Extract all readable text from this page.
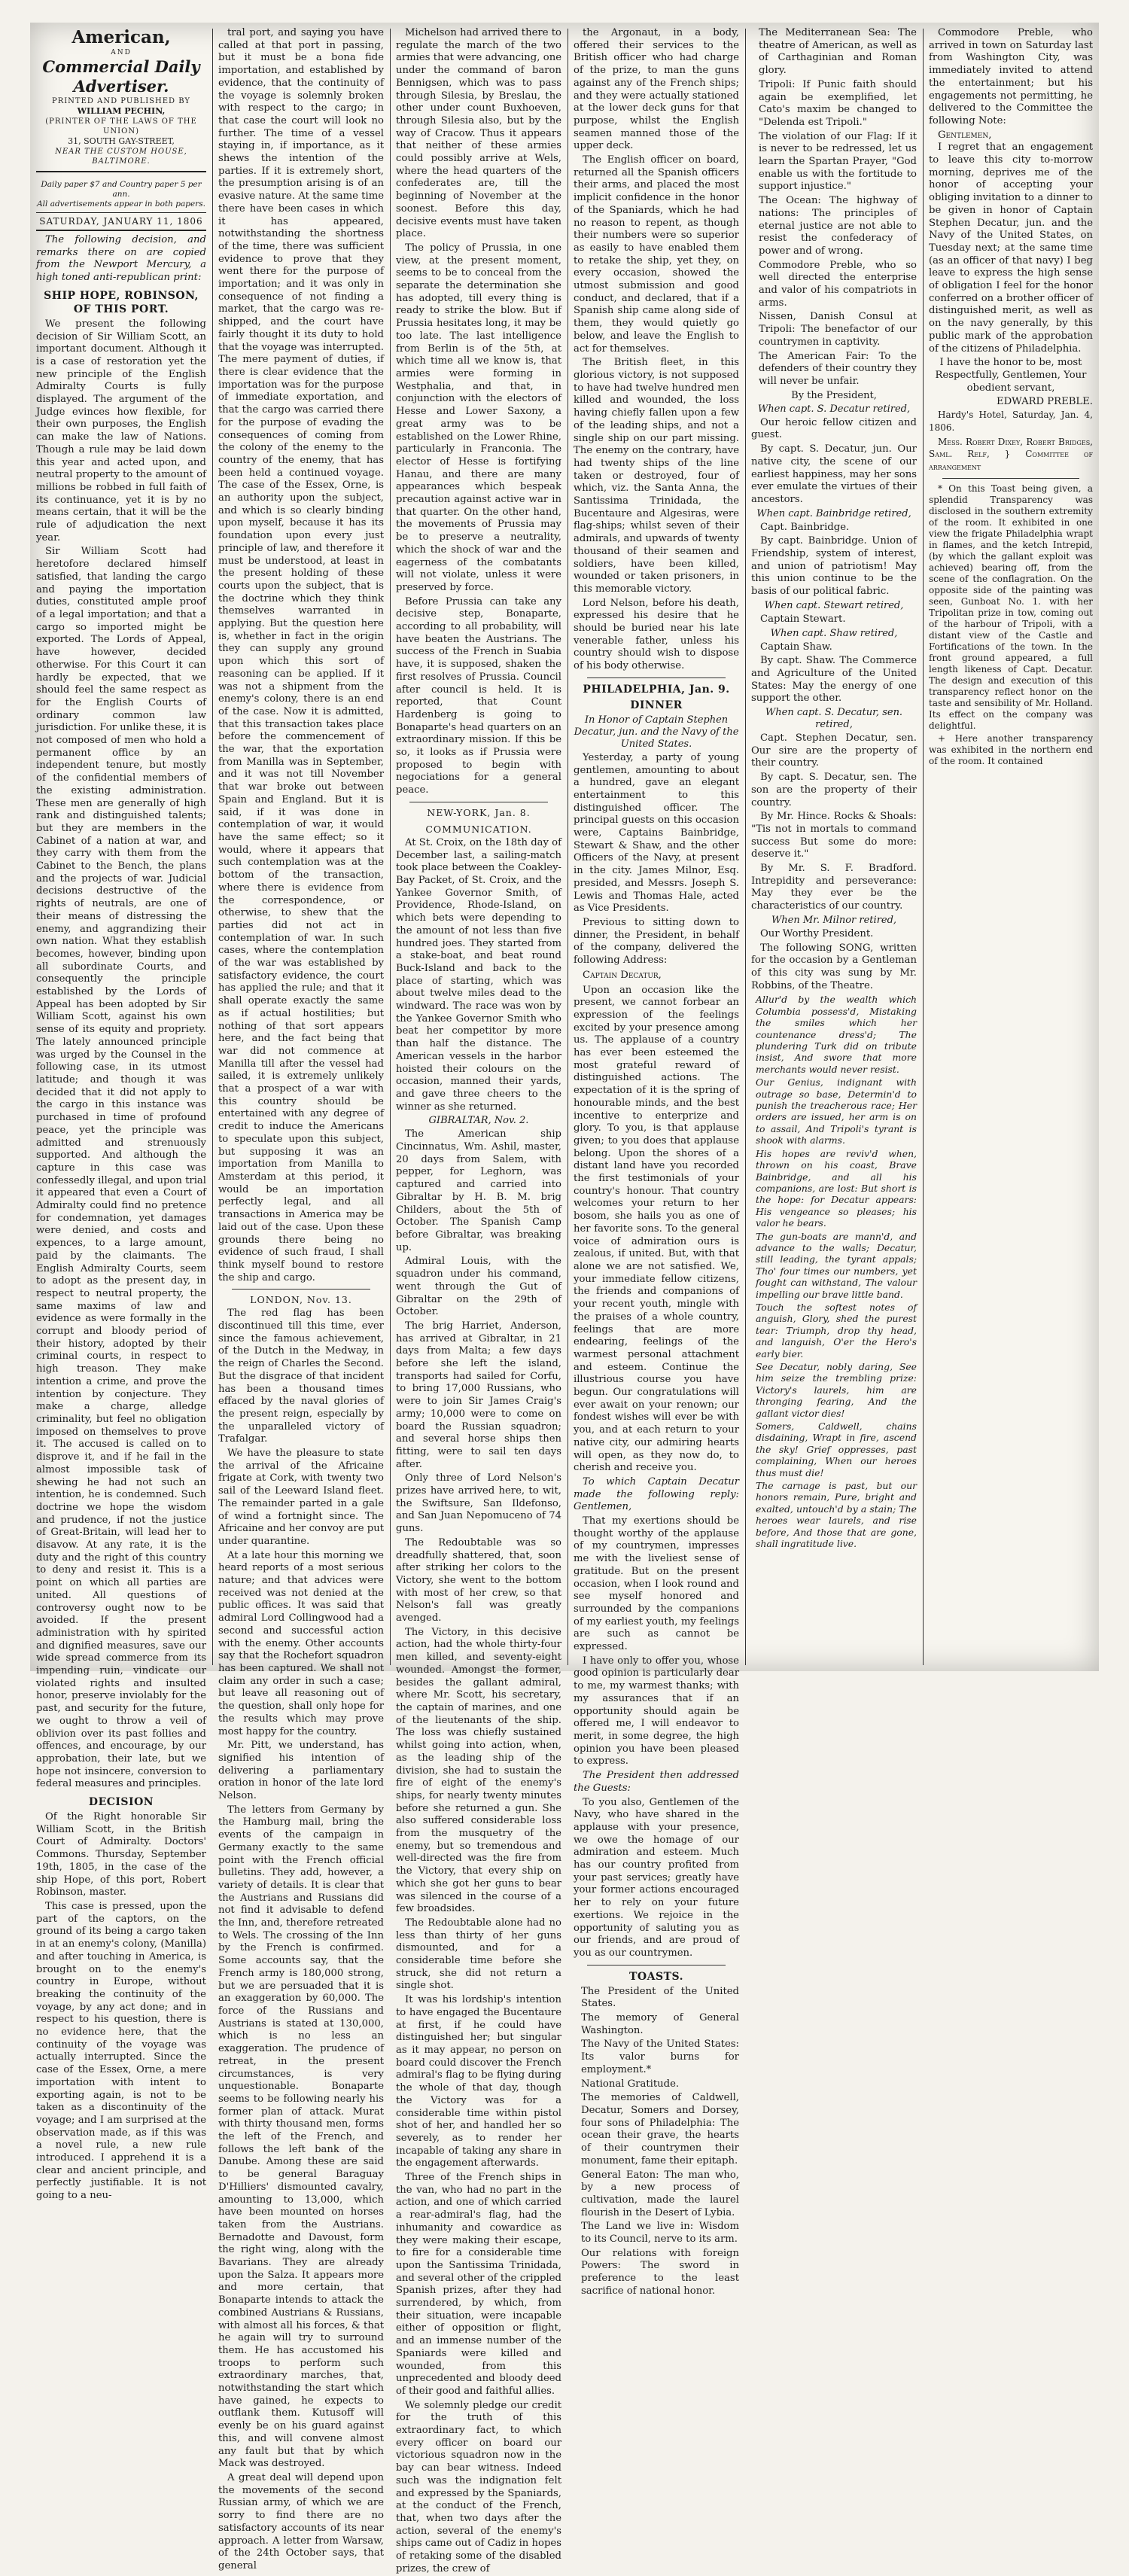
American,
AND
Commercial Daily Advertiser.
PRINTED AND PUBLISHED BY
WILLIAM PECHIN,
(PRINTER OF THE LAWS OF THE UNION)
31, SOUTH GAY-STREET,
NEAR THE CUSTOM HOUSE, BALTIMORE.
Daily paper $7 and Country paper 5 per ann.
All advertisements appear in both papers.
SATURDAY, JANUARY 11, 1806

The following decision, and remarks there on are copied from the Newport Mercury, a high toned anti-republican print:

SHIP HOPE, ROBINSON, OF THIS PORT.

We present the following decision of Sir William Scott, an important document. Although it is a case of restoration yet the new principle of the English Admiralty Courts is fully displayed. The argument of the Judge evinces how flexible, for their own purposes, the English can make the law of Nations. Though a rule may be laid down this year and acted upon, and neutral property to the amount of millions be robbed in full faith of its continuance, yet it is by no means certain, that it will be the rule of adjudication the next year.

Sir William Scott had heretofore declared himself satisfied, that landing the cargo and paying the importation duties, constituted ample proof of a legal importation; and that a cargo so imported might be exported. The Lords of Appeal, have however, decided otherwise. For this Court it can hardly be expected, that we should feel the same respect as for the English Courts of ordinary common law jurisdiction. For unlike these, it is not composed of men who hold a permanent office by an independent tenure, but mostly of the confidential members of the existing administration. These men are generally of high rank and distinguished talents; but they are members in the Cabinet of a nation at war, and they carry with them from the Cabinet to the Bench, the plans and the projects of war. Judicial decisions destructive of the rights of neutrals, are one of their means of distressing the enemy, and aggrandizing their own nation. What they establish becomes, however, binding upon all subordinate Courts, and consequently the principle established by the Lords of Appeal has been adopted by Sir William Scott, against his own sense of its equity and propriety. The lately announced principle was urged by the Counsel in the following case, in its utmost latitude; and though it was decided that it did not apply to the cargo in this instance was purchased in time of profound peace, yet the principle was admitted and strenuously supported. And although the capture in this case was confessedly illegal, and upon trial it appeared that even a Court of Admiralty could find no pretence for condemnation, yet damages were denied, and costs and expences, to a large amount, paid by the claimants. The English Admiralty Courts, seem to adopt as the present day, in respect to neutral property, the same maxims of law and evidence as were formally in the corrupt and bloody period of their history, adopted by their criminal courts, in respect to high treason. They make intention a crime, and prove the intention by conjecture. They make a charge, alledge criminality, but feel no obligation imposed on themselves to prove it. The accused is called on to disprove it, and if he fail in the almost impossible task of shewing he had not such an intention, he is condemned. Such doctrine we hope the wisdom and prudence, if not the justice of Great-Britain, will lead her to disavow. At any rate, it is the duty and the right of this country to deny and resist it. This is a point on which all parties are united. All questions of controversy ought now to be avoided. If the present administration with hy spirited and dignified measures, save our wide spread commerce from its impending ruin, vindicate our violated rights and insulted honor, preserve inviolably for the past, and security for the future, we ought to throw a veil of oblivion over its past follies and offences, and encourage, by our approbation, their late, but we hope not insincere, conversion to federal measures and principles.

DECISION

Of the Right honorable Sir William Scott, in the British Court of Admiralty. Doctors' Commons. Thursday, September 19th, 1805, in the case of the ship Hope, of this port, Robert Robinson, master.

This case is pressed, upon the part of the captors, on the ground of its being a cargo taken in at an enemy's colony, (Manilla) and after touching in America, is brought on to the enemy's country in Europe, without breaking the continuity of the voyage, by any act done; and in respect to his question, there is no evidence here, that the continuity of the voyage was actually interrupted. Since the case of the Essex, Orne, a mere importation with intent to exporting again, is not to be taken as a discontinuity of the voyage; and I am surprised at the observation made, as if this was a novel rule, a new rule introduced. I apprehend it is a clear and ancient principle, and perfectly justifiable. It is not going to a neu-

tral port, and saying you have called at that port in passing, but it must be a bona fide importation, and established by evidence, that the continuity of the voyage is solemnly broken with respect to the cargo; in that case the court will look no further. The time of a vessel staying in, if importance, as it shews the intention of the parties. If it is extremely short, the presumption arising is of an evasive nature. At the same time there have been cases in which it has appeared, notwithstanding the shortness of the time, there was sufficient evidence to prove that they went there for the purpose of importation; and it was only in consequence of not finding a market, that the cargo was re-shipped, and the court have fairly thought it its duty to hold that the voyage was interrupted. The mere payment of duties, if there is clear evidence that the importation was for the purpose of immediate exportation, and that the cargo was carried there for the purpose of evading the consequences of coming from the colony of the enemy to the country of the enemy, that has been held a continued voyage. The case of the Essex, Orne, is an authority upon the subject, and which is so clearly binding upon myself, because it has its foundation upon every just principle of law, and therefore it must be understood, at least in the present holding of these courts upon the subject, that is the doctrine which they think themselves warranted in applying. But the question here is, whether in fact in the origin they can supply any ground upon which this sort of reasoning can be applied. If it was not a shipment from the enemy's colony, there is an end of the case. Now it is admitted, that this transaction takes place before the commencement of the war, that the exportation from Manilla was in September, and it was not till November that war broke out between Spain and England. But it is said, if it was done in contemplation of war, it would have the same effect; so it would, where it appears that such contemplation was at the bottom of the transaction, where there is evidence from the correspondence, or otherwise, to shew that the parties did not act in contemplation of war. In such cases, where the contemplation of the war was established by satisfactory evidence, the court has applied the rule; and that it shall operate exactly the same as if actual hostilities; but nothing of that sort appears here, and the fact being that war did not commence at Manilla till after the vessel had sailed, it is extremely unlikely that a prospect of a war with this country should be entertained with any degree of credit to induce the Americans to speculate upon this subject, but supposing it was an importation from Manilla to Amsterdam at this period, it would be an importation perfectly legal, and all transactions in America may be laid out of the case. Upon these grounds there being no evidence of such fraud, I shall think myself bound to restore the ship and cargo.

LONDON, Nov. 13.

The red flag has been discontinued till this time, ever since the famous achievement, of the Dutch in the Medway, in the reign of Charles the Second. But the disgrace of that incident has been a thousand times effaced by the naval glories of the present reign, especially by the unparalleled victory of Trafalgar.

We have the pleasure to state the arrival of the Africaine frigate at Cork, with twenty two sail of the Leeward Island fleet. The remainder parted in a gale of wind a fortnight since. The Africaine and her convoy are put under quarantine.

At a late hour this morning we heard reports of a most serious nature; and that advices were received was not denied at the public offices. It was said that admiral Lord Collingwood had a second and successful action with the enemy. Other accounts say that the Rochefort squadron has been captured. We shall not claim any order in such a case; but leave all reasoning out of the question, shall only hope for the results which may prove most happy for the country.

Mr. Pitt, we understand, has signified his intention of delivering a parliamentary oration in honor of the late lord Nelson.

The letters from Germany by the Hamburg mail, bring the events of the campaign in Germany exactly to the same point with the French official bulletins. They add, however, a variety of details. It is clear that the Austrians and Russians did not find it advisable to defend the Inn, and, therefore retreated to Wels. The crossing of the Inn by the French is confirmed. Some accounts say, that the French army is 180,000 strong, but we are persuaded that it is an exaggeration by 60,000. The force of the Russians and Austrians is stated at 130,000, which is no less an exaggeration. The prudence of retreat, in the present circumstances, is very unquestionable. Bonaparte seems to be following nearly his former plan of attack. Murat with thirty thousand men, forms the left of the French, and follows the left bank of the Danube. Among these are said to be general Baraguay D'Hilliers' dismounted cavalry, amounting to 13,000, which have been mounted on horses taken from the Austrians. Bernadotte and Davoust, form the right wing, along with the Bavarians. They are already upon the Salza. It appears more and more certain, that Bonaparte intends to attack the combined Austrians & Russians, with almost all his forces, & that he again will try to surround them. He has accustomed his troops to perform such extraordinary marches, that, notwithstanding the start which have gained, he expects to outflank them. Kutusoff will evenly be on his guard against this, and will convene almost any fault but that by which Mack was destroyed.

A great deal will depend upon the movements of the second Russian army, of which we are sorry to find there are no satisfactory accounts of its near approach. A letter from Warsaw, of the 24th October says, that general

Michelson had arrived there to regulate the march of the two armies that were advancing, one under the command of baron Bennigsen, which was to pass through Silesia, by Breslau, the other under count Buxhoeven, through Silesia also, but by the way of Cracow. Thus it appears that neither of these armies could possibly arrive at Wels, where the head quarters of the confederates are, till the beginning of November at the soonest. Before this day, decisive events must have taken place.

The policy of Prussia, in one view, at the present moment, seems to be to conceal from the separate the determination she has adopted, till every thing is ready to strike the blow. But if Prussia hesitates long, it may be too late. The last intelligence from Berlin is of the 5th, at which time all we know is, that armies were forming in Westphalia, and that, in conjunction with the electors of Hesse and Lower Saxony, a great army was to be established on the Lower Rhine, particularly in Franconia. The elector of Hesse is fortifying Hanau, and there are many appearances which bespeak precaution against active war in that quarter. On the other hand, the movements of Prussia may be to preserve a neutrality, which the shock of war and the eagerness of the combatants will not violate, unless it were preserved by force.

Before Prussia can take any decisive step, Bonaparte, according to all probability, will have beaten the Austrians. The success of the French in Suabia have, it is supposed, shaken the first resolves of Prussia. Council after council is held. It is reported, that Count Hardenberg is going to Bonaparte's head quarters on an extraordinary mission. If this be so, it looks as if Prussia were proposed to begin with negociations for a general peace.

NEW-YORK, Jan. 8.
COMMUNICATION.

At St. Croix, on the 18th day of December last, a sailing-match took place between the Coakley-Bay Packet, of St. Croix, and the Yankee Governor Smith, of Providence, Rhode-Island, on which bets were depending to the amount of not less than five hundred joes. They started from a stake-boat, and beat round Buck-Island and back to the place of starting, which was about twelve miles dead to the windward. The race was won by the Yankee Governor Smith who beat her competitor by more than half the distance. The American vessels in the harbor hoisted their colours on the occasion, manned their yards, and gave three cheers to the winner as she returned.

GIBRALTAR, Nov. 2.

The American ship Cincinnatus, Wm. Ashil, master, 20 days from Salem, with pepper, for Leghorn, was captured and carried into Gibraltar by H. B. M. brig Childers, about the 5th of October. The Spanish Camp before Gibraltar, was breaking up.

Admiral Louis, with the squadron under his command, went through the Gut of Gibraltar on the 29th of October.

The brig Harriet, Anderson, has arrived at Gibraltar, in 21 days from Malta; a few days before she left the island, transports had sailed for Corfu, to bring 17,000 Russians, who were to join Sir James Craig's army; 10,000 were to come on board the Russian squadron; and several horse ships then fitting, were to sail ten days after.

Only three of Lord Nelson's prizes have arrived here, to wit, the Swiftsure, San Ildefonso, and San Juan Nepomuceno of 74 guns.

The Redoubtable was so dreadfully shattered, that, soon after striking her colors to the Victory, she went to the bottom with most of her crew, so that Nelson's fall was greatly avenged.

The Victory, in this decisive action, had the whole thirty-four men killed, and seventy-eight wounded. Amongst the former, besides the gallant admiral, where Mr. Scott, his secretary, the captain of marines, and one of the lieutenants of the ship. The loss was chiefly sustained whilst going into action, when, as the leading ship of the division, she had to sustain the fire of eight of the enemy's ships, for nearly twenty minutes before she returned a gun. She also suffered considerable loss from the musquetry of the enemy, but so tremendous and well-directed was the fire from the Victory, that every ship on which she got her guns to bear was silenced in the course of a few broadsides.

The Redoubtable alone had no less than thirty of her guns dismounted, and for a considerable time before she struck, she did not return a single shot.

It was his lordship's intention to have engaged the Bucentaure at first, if he could have distinguished her; but singular as it may appear, no person on board could discover the French admiral's flag to be flying during the whole of that day, though the Victory was for a considerable time within pistol shot of her, and handled her so severely, as to render her incapable of taking any share in the engagement afterwards.

Three of the French ships in the van, who had no part in the action, and one of which carried a rear-admiral's flag, had the inhumanity and cowardice as they were making their escape, to fire for a considerable time upon the Santissima Trinidada, and several other of the crippled Spanish prizes, after they had surrendered, by which, from their situation, were incapable either of opposition or flight, and an immense number of the Spaniards were killed and wounded, from this unprecedented and bloody deed of their good and faithful allies.

We solemnly pledge our credit for the truth of this extraordinary fact, to which every officer on board our victorious squadron now in the bay can bear witness. Indeed such was the indignation felt and expressed by the Spaniards, at the conduct of the French, that, when two days after the action, several of the enemy's ships came out of Cadiz in hopes of retaking some of the disabled prizes, the crew of

the Argonaut, in a body, offered their services to the British officer who had charge of the prize, to man the guns against any of the French ships; and they were actually stationed at the lower deck guns for that purpose, whilst the English seamen manned those of the upper deck.

The English officer on board, returned all the Spanish officers their arms, and placed the most implicit confidence in the honor of the Spaniards, which he had no reason to repent, as though their numbers were so superior as easily to have enabled them to retake the ship, yet they, on every occasion, showed the utmost submission and good conduct, and declared, that if a Spanish ship came along side of them, they would quietly go below, and leave the English to act for themselves.

The British fleet, in this glorious victory, is not supposed to have had twelve hundred men killed and wounded, the loss having chiefly fallen upon a few of the leading ships, and not a single ship on our part missing. The enemy on the contrary, have had twenty ships of the line taken or destroyed, four of which, viz. the Santa Anna, the Santissima Trinidada, the Bucentaure and Algesiras, were flag-ships; whilst seven of their admirals, and upwards of twenty thousand of their seamen and soldiers, have been killed, wounded or taken prisoners, in this memorable victory.

Lord Nelson, before his death, expressed his desire that he should be buried near his late venerable father, unless his country should wish to dispose of his body otherwise.

PHILADELPHIA, Jan. 9.
DINNER
In Honor of Captain Stephen Decatur, jun. and the Navy of the United States.

Yesterday, a party of young gentlemen, amounting to about a hundred, gave an elegant entertainment to this distinguished officer. The principal guests on this occasion were, Captains Bainbridge, Stewart & Shaw, and the other Officers of the Navy, at present in the city. James Milnor, Esq. presided, and Messrs. Joseph S. Lewis and Thomas Hale, acted as Vice Presidents.

Previous to sitting down to dinner, the President, in behalf of the company, delivered the following Address:

Captain Decatur,

Upon an occasion like the present, we cannot forbear an expression of the feelings excited by your presence among us. The applause of a country has ever been esteemed the most grateful reward of distinguished actions. The expectation of it is the spring of honourable minds, and the best incentive to enterprize and glory. To you, is that applause given; to you does that applause belong. Upon the shores of a distant land have you recorded the first testimonials of your country's honour. That country welcomes your return to her bosom, she hails you as one of her favorite sons. To the general voice of admiration ours is zealous, if united. But, with that alone we are not satisfied. We, your immediate fellow citizens, the friends and companions of your recent youth, mingle with the praises of a whole country, feelings that are more endearing, feelings of the warmest personal attachment and esteem. Continue the illustrious course you have begun. Our congratulations will ever await on your renown; our fondest wishes will ever be with you, and at each return to your native city, our admiring hearts will open, as they now do, to cherish and receive you.

To which Captain Decatur made the following reply: Gentlemen,

That my exertions should be thought worthy of the applause of my countrymen, impresses me with the liveliest sense of gratitude. But on the present occasion, when I look round and see myself honored and surrounded by the companions of my earliest youth, my feelings are such as cannot be expressed.

I have only to offer you, whose good opinion is particularly dear to me, my warmest thanks; with my assurances that if an opportunity should again be offered me, I will endeavor to merit, in some degree, the high opinion you have been pleased to express.

The President then addressed the Guests:

To you also, Gentlemen of the Navy, who have shared in the applause with your presence, we owe the homage of our admiration and esteem. Much has our country profited from your past services; greatly have your former actions encouraged her to rely on your future exertions. We rejoice in the opportunity of saluting you as our friends, and are proud of you as our countrymen.

TOASTS.

The President of the United States.

The memory of General Washington.

The Navy of the United States: Its valor burns for employment.*

National Gratitude.

The memories of Caldwell, Decatur, Somers and Dorsey, four sons of Philadelphia: The ocean their grave, the hearts of their countrymen their monument, fame their epitaph.

General Eaton: The man who, by a new process of cultivation, made the laurel flourish in the Desert of Lybia.

The Land we live in: Wisdom to its Council, nerve to its arm.

Our relations with foreign Powers: The sword in preference to the least sacrifice of national honor.

The Mediterranean Sea: The theatre of American, as well as of Carthaginian and Roman glory.

Tripoli: If Punic faith should again be exemplified, let Cato's maxim be changed to "Delenda est Tripoli."

The violation of our Flag: If it is never to be redressed, let us learn the Spartan Prayer, "God enable us with the fortitude to support injustice."

The Ocean: The highway of nations: The principles of eternal justice are not able to resist the confederacy of power and of wrong.

Commodore Preble, who so well directed the enterprise and valor of his compatriots in arms.

Nissen, Danish Consul at Tripoli: The benefactor of our countrymen in captivity.

The American Fair: To the defenders of their country they will never be unfair.

By the President,
When capt. S. Decatur retired,

Our heroic fellow citizen and guest.

By capt. S. Decatur, jun. Our native city, the scene of our earliest happiness, may her sons ever emulate the virtues of their ancestors.

When capt. Bainbridge retired,

Capt. Bainbridge.

By capt. Bainbridge. Union of Friendship, system of interest, and union of patriotism! May this union continue to be the basis of our political fabric.

When capt. Stewart retired,

Captain Stewart.

When capt. Shaw retired,

Captain Shaw.

By capt. Shaw. The Commerce and Agriculture of the United States: May the energy of one support the other.

When capt. S. Decatur, sen. retired,

Capt. Stephen Decatur, sen. Our sire are the property of their country.

By capt. S. Decatur, sen. The son are the property of their country.

By Mr. Hince. Rocks & Shoals: "Tis not in mortals to command success But some do more: deserve it."

By Mr. S. F. Bradford. Intrepidity and perseverance: May they ever be the characteristics of our country.

When Mr. Milnor retired,

Our Worthy President.

The following SONG, written for the occasion by a Gentleman of this city was sung by Mr. Robbins, of the Theatre.

Allur'd by the wealth which Columbia possess'd, Mistaking the smiles which her countenance dress'd; The plundering Turk did on tribute insist, And swore that more merchants would never resist.

Our Genius, indignant with outrage so base, Determin'd to punish the treacherous race; Her orders are issued, her arm is on to assail, And Tripoli's tyrant is shook with alarms.

His hopes are reviv'd when, thrown on his coast, Brave Bainbridge, and all his companions, are lost: But short is the hope: for Decatur appears: His vengeance so pleases; his valor he bears.

The gun-boats are mann'd, and advance to the walls; Decatur, still leading, the tyrant appals; Tho' four times our numbers, yet fought can withstand, The valour impelling our brave little band.

Touch the softest notes of anguish, Glory, shed the purest tear: Triumph, drop thy head, and languish, O'er the Hero's early bier.

See Decatur, nobly daring, See him seize the trembling prize: Victory's laurels, him are thronging fearing, And the gallant victor dies!

Somers, Caldwell, chains disdaining, Wrapt in fire, ascend the sky! Grief oppresses, past complaining, When our heroes thus must die!

The carnage is past, but our honors remain, Pure, bright and exalted, untouch'd by a stain; The heroes wear laurels, and rise before, And those that are gone, shall ingratitude live.

Commodore Preble, who arrived in town on Saturday last from Washington City, was immediately invited to attend the entertainment; but his engagements not permitting, he delivered to the Committee the following Note:

Gentlemen,

I regret that an engagement to leave this city to-morrow morning, deprives me of the honor of accepting your obliging invitation to a dinner to be given in honor of Captain Stephen Decatur, jun. and the Navy of the United States, on Tuesday next; at the same time (as an officer of that navy) I beg leave to express the high sense of obligation I feel for the honor conferred on a brother officer of distinguished merit, as well as on the navy generally, by this public mark of the approbation of the citizens of Philadelphia.

I have the honor to be, most Respectfully, Gentlemen, Your obedient servant,

EDWARD PREBLE.

Hardy's Hotel, Saturday, Jan. 4, 1806.

Mess. Robert Dixey, Robert Bridges, Saml. Relf, } Committee of arrangement

* On this Toast being given, a splendid Transparency was disclosed in the southern extremity of the room. It exhibited in one view the frigate Philadelphia wrapt in flames, and the ketch Intrepid, (by which the gallant exploit was achieved) bearing off, from the scene of the conflagration. On the opposite side of the painting was seen, Gunboat No. 1. with her Tripolitan prize in tow, coming out of the harbour of Tripoli, with a distant view of the Castle and Fortifications of the town. In the front ground appeared, a full length likeness of Capt. Decatur. The design and execution of this transparency reflect honor on the taste and sensibility of Mr. Holland. Its effect on the company was delightful.

+ Here another transparency was exhibited in the northern end of the room. It contained
